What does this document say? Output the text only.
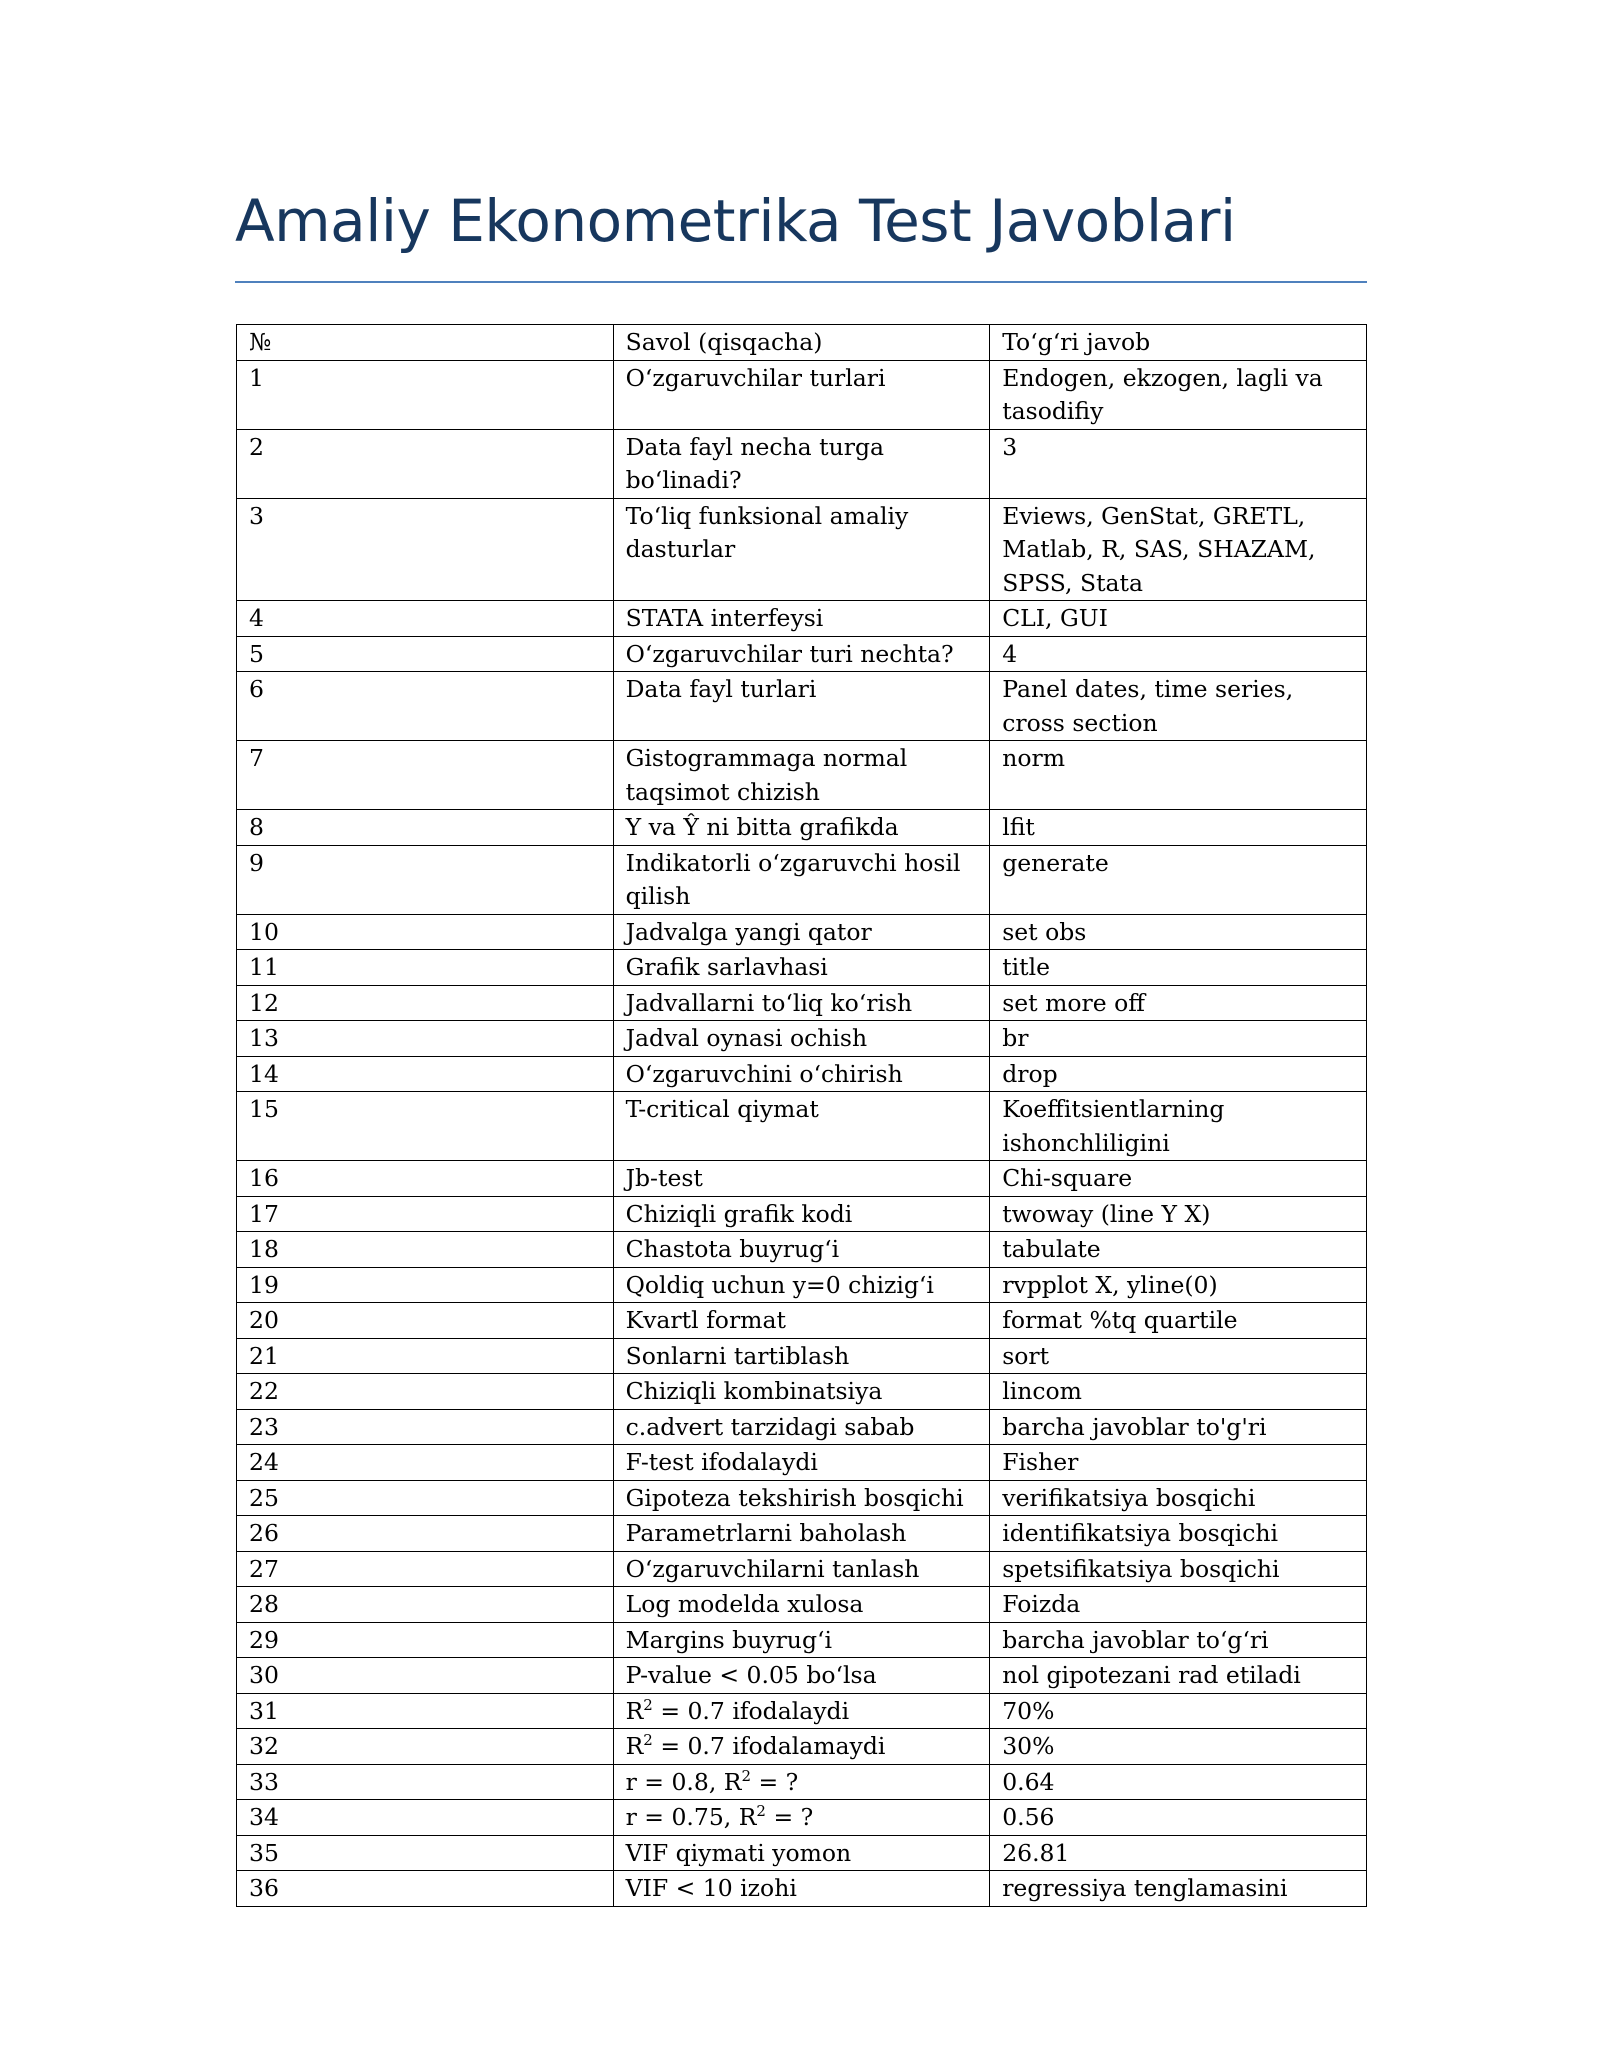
Amaliy Ekonometrika Test Javoblari
№	Savol (qisqacha)	To‘g‘ri javob
1	O‘zgaruvchilar turlari	Endogen, ekzogen, lagli va tasodifiy
2	Data fayl necha turga bo‘linadi?	3
3	To‘liq funksional amaliy dasturlar	Eviews, GenStat, GRETL, Matlab, R, SAS, SHAZAM, SPSS, Stata
4	STATA interfeysi	CLI, GUI
5	O‘zgaruvchilar turi nechta?	4
6	Data fayl turlari	Panel dates, time series, cross section
7	Gistogrammaga normal taqsimot chizish	norm
8	Y va Ŷ ni bitta grafikda	lfit
9	Indikatorli o‘zgaruvchi hosil qilish	generate
10	Jadvalga yangi qator	set obs
11	Grafik sarlavhasi	title
12	Jadvallarni to‘liq ko‘rish	set more off
13	Jadval oynasi ochish	br
14	O‘zgaruvchini o‘chirish	drop
15	T-critical qiymat	Koeffitsientlarning ishonchliligini
16	Jb-test	Chi-square
17	Chiziqli grafik kodi	twoway (line Y X)
18	Chastota buyrug‘i	tabulate
19	Qoldiq uchun y=0 chizig‘i	rvpplot X, yline(0)
20	Kvartl format	format %tq quartile
21	Sonlarni tartiblash	sort
22	Chiziqli kombinatsiya	lincom
23	c.advert tarzidagi sabab	barcha javoblar to'g'ri
24	F-test ifodalaydi	Fisher
25	Gipoteza tekshirish bosqichi	verifikatsiya bosqichi
26	Parametrlarni baholash	identifikatsiya bosqichi
27	O‘zgaruvchilarni tanlash	spetsifikatsiya bosqichi
28	Log modelda xulosa	Foizda
29	Margins buyrug‘i	barcha javoblar to‘g‘ri
30	P-value < 0.05 bo‘lsa	nol gipotezani rad etiladi
31	$R^2 = 0.7$ ifodalaydi	70%
32	$R^2 = 0.7$ ifodalamaydi	30%
33	r = 0.8, $R^2$ = ?	0.64
34	r = 0.75, $R^2$ = ?	0.56
35	VIF qiymati yomon	26.81
36	VIF < 10 izohi	regressiya tenglamasini
